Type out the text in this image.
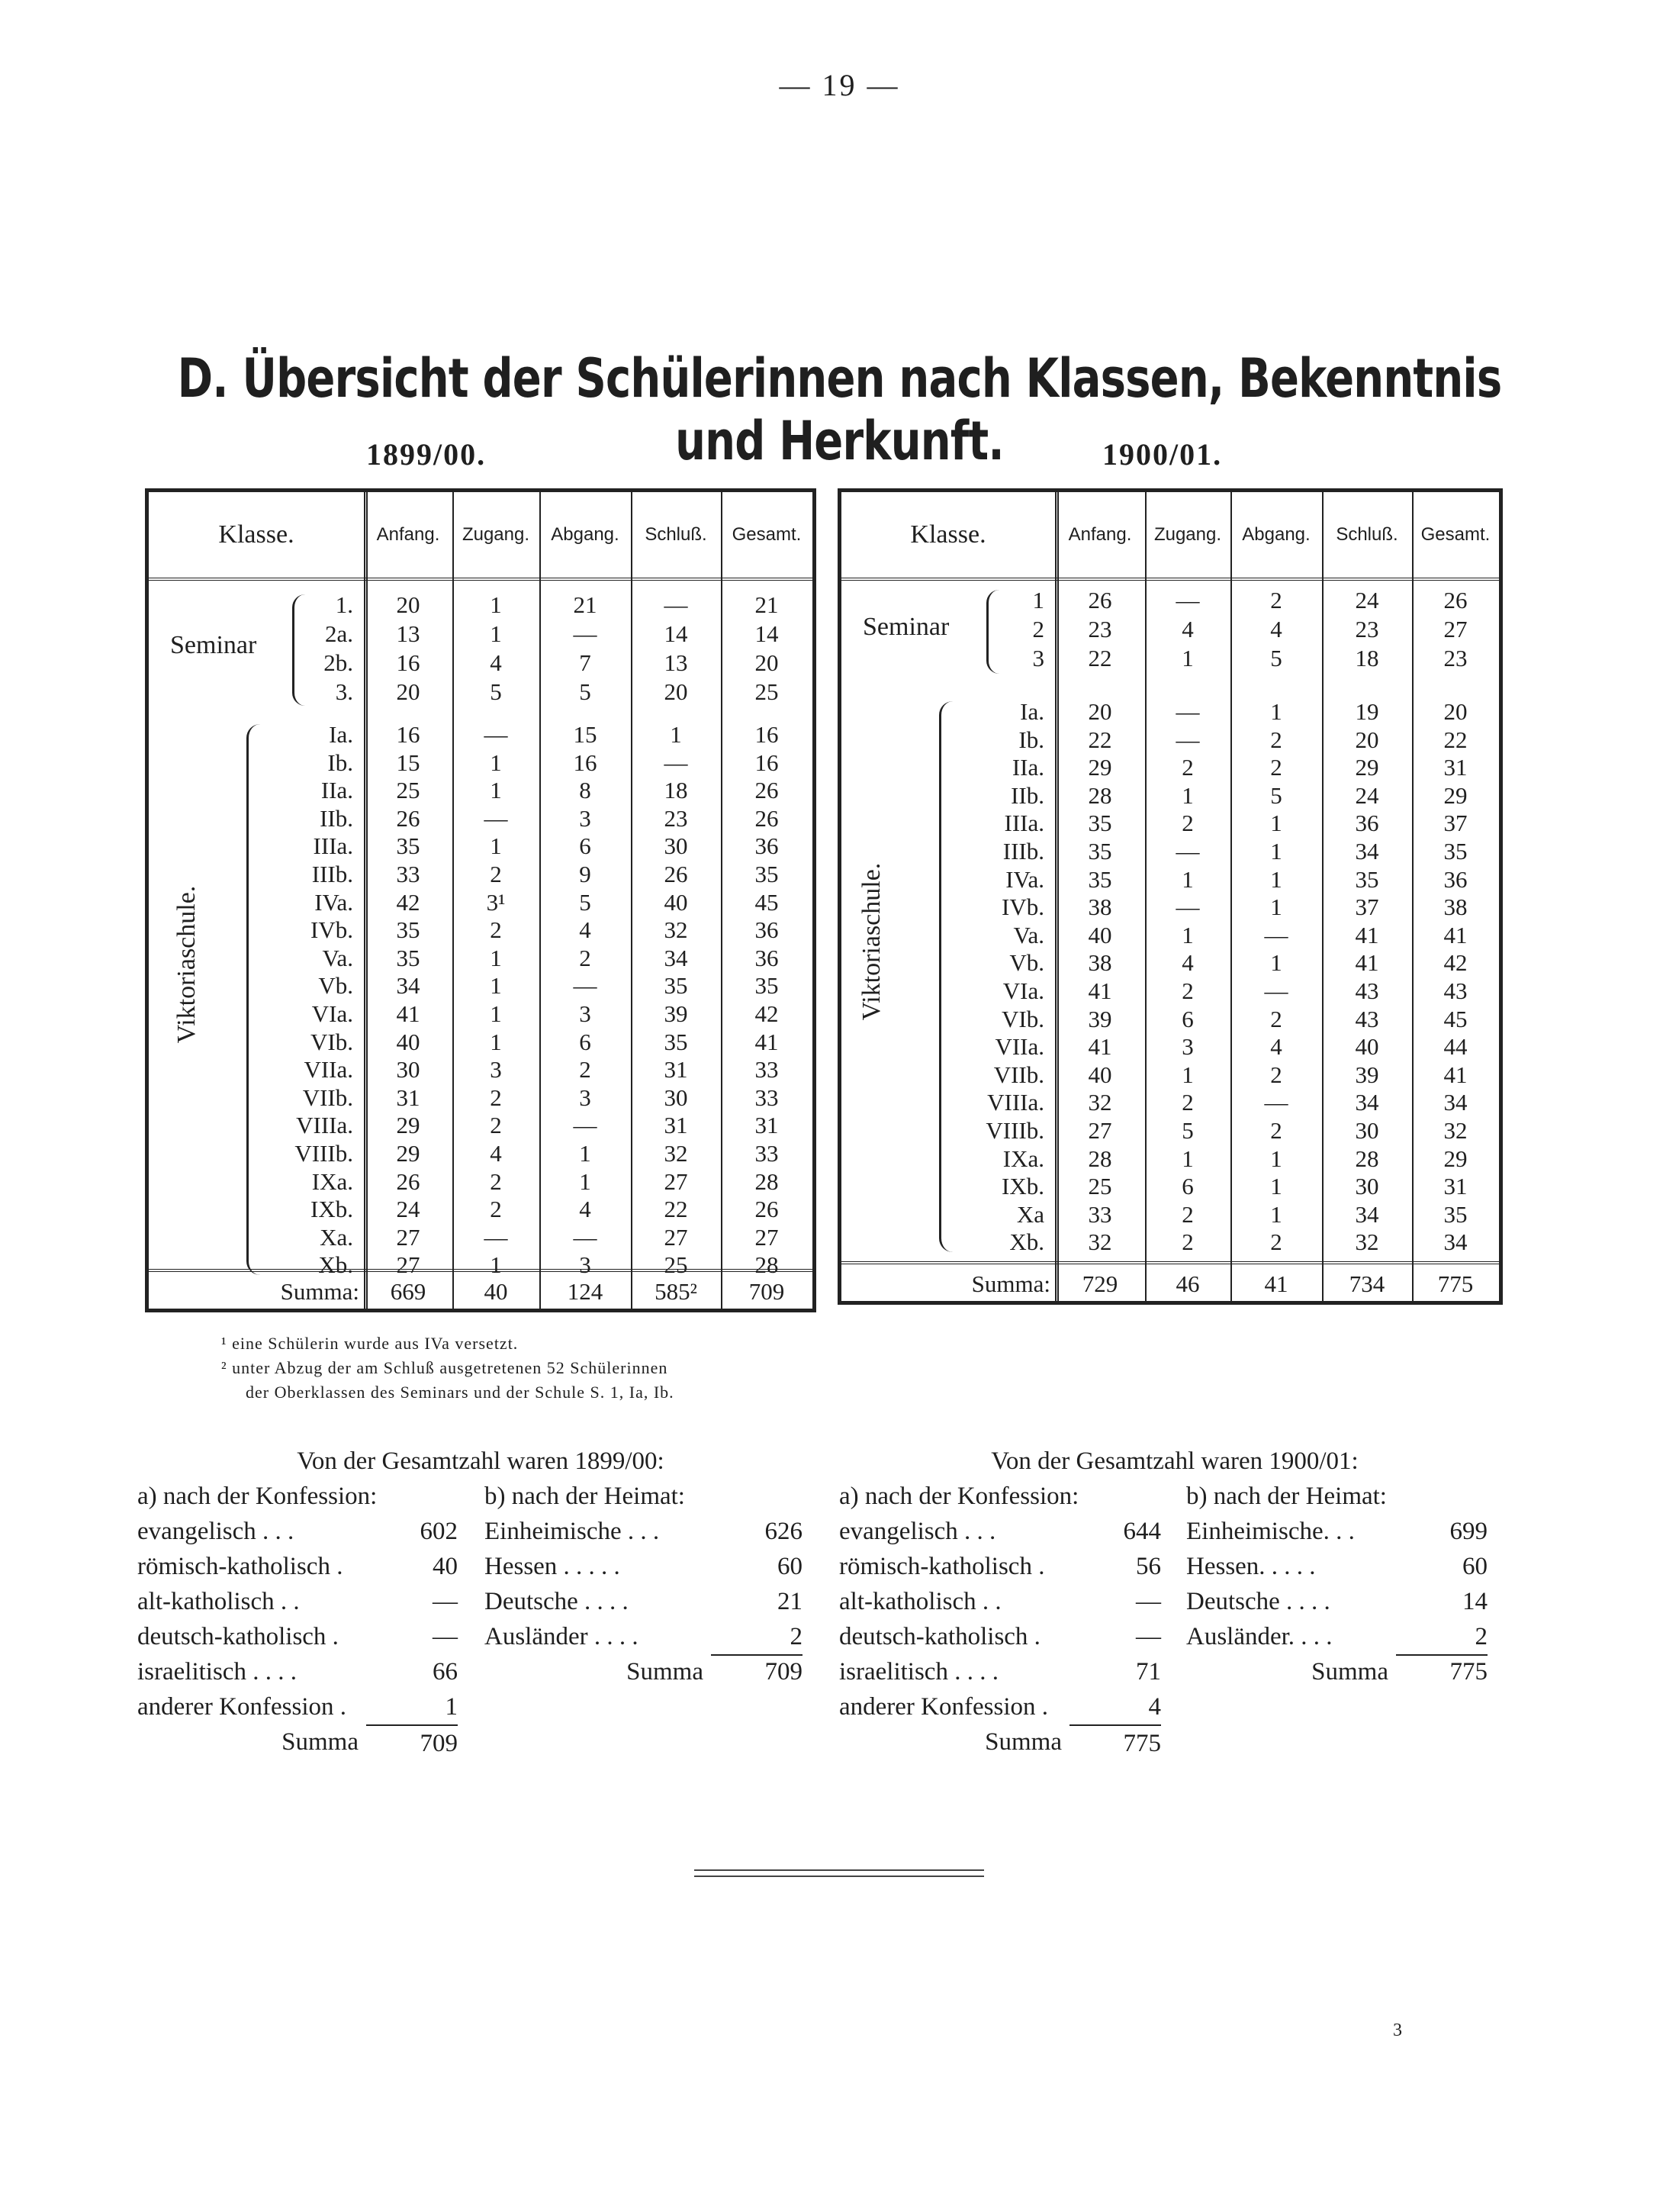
— 19 —
D. Übersicht der Schülerinnen nach Klassen, Bekenntnis und Herkunft.
1899/00.	1900/01.
Klasse.	Anfang.	Zugang.	Abgang.	Schluß.	Gesamt.
1.	20	1	21	—	21
2a.	13	1	—	14	14
2b.	16	4	7	13	20
3.	20	5	5	20	25
Ia.	16	—	15	1	16
Ib.	15	1	16	—	16
IIa.	25	1	8	18	26
IIb.	26	—	3	23	26
IIIa.	35	1	6	30	36
IIIb.	33	2	9	26	35
IVa.	42	3¹	5	40	45
IVb.	35	2	4	32	36
Va.	35	1	2	34	36
Vb.	34	1	—	35	35
VIa.	41	1	3	39	42
VIb.	40	1	6	35	41
VIIa.	30	3	2	31	33
VIIb.	31	2	3	30	33
VIIIa.	29	2	—	31	31
VIIIb.	29	4	1	32	33
IXa.	26	2	1	27	28
IXb.	24	2	4	22	26
Xa.	27	—	—	27	27
Xb.	27	1	3	25	28
Summa:	669	40	124	585²	709
Seminar
Viktoriaschule.
Klasse.	Anfang.	Zugang.	Abgang.	Schluß.	Gesamt.
1	26	—	2	24	26
2	23	4	4	23	27
3	22	1	5	18	23
Ia.	20	—	1	19	20
Ib.	22	—	2	20	22
IIa.	29	2	2	29	31
IIb.	28	1	5	24	29
IIIa.	35	2	1	36	37
IIIb.	35	—	1	34	35
IVa.	35	1	1	35	36
IVb.	38	—	1	37	38
Va.	40	1	—	41	41
Vb.	38	4	1	41	42
VIa.	41	2	—	43	43
VIb.	39	6	2	43	45
VIIa.	41	3	4	40	44
VIIb.	40	1	2	39	41
VIIIa.	32	2	—	34	34
VIIIb.	27	5	2	30	32
IXa.	28	1	1	28	29
IXb.	25	6	1	30	31
Xa	33	2	1	34	35
Xb.	32	2	2	32	34
Summa:	729	46	41	734	775
Seminar
Viktoriaschule.
¹ eine Schülerin wurde aus IVa versetzt.
² unter Abzug der am Schluß ausgetretenen 52 Schülerinnen
der Oberklassen des Seminars und der Schule S. 1, Ia, Ib.
Von der Gesamtzahl waren 1899/00:
a) nach der Konfession:	b) nach der Heimat:
evangelisch . . .	602 Einheimische . . .	626
römisch-katholisch .	40 Hessen . . . . .	60
alt-katholisch . .	— Deutsche . . . .	21
deutsch-katholisch .	— Ausländer . . . .	2
israelitisch . . . .	66	Summa	709
anderer Konfession .	1
Summa	709
Von der Gesamtzahl waren 1900/01:
a) nach der Konfession:	b) nach der Heimat:
evangelisch . . .	644 Einheimische. . .	699
römisch-katholisch .	56 Hessen. . . . .	60
alt-katholisch . .	— Deutsche . . . .	14
deutsch-katholisch .	— Ausländer. . . .	2
israelitisch . . . .	71	Summa	775
anderer Konfession .	4
Summa	775
3
